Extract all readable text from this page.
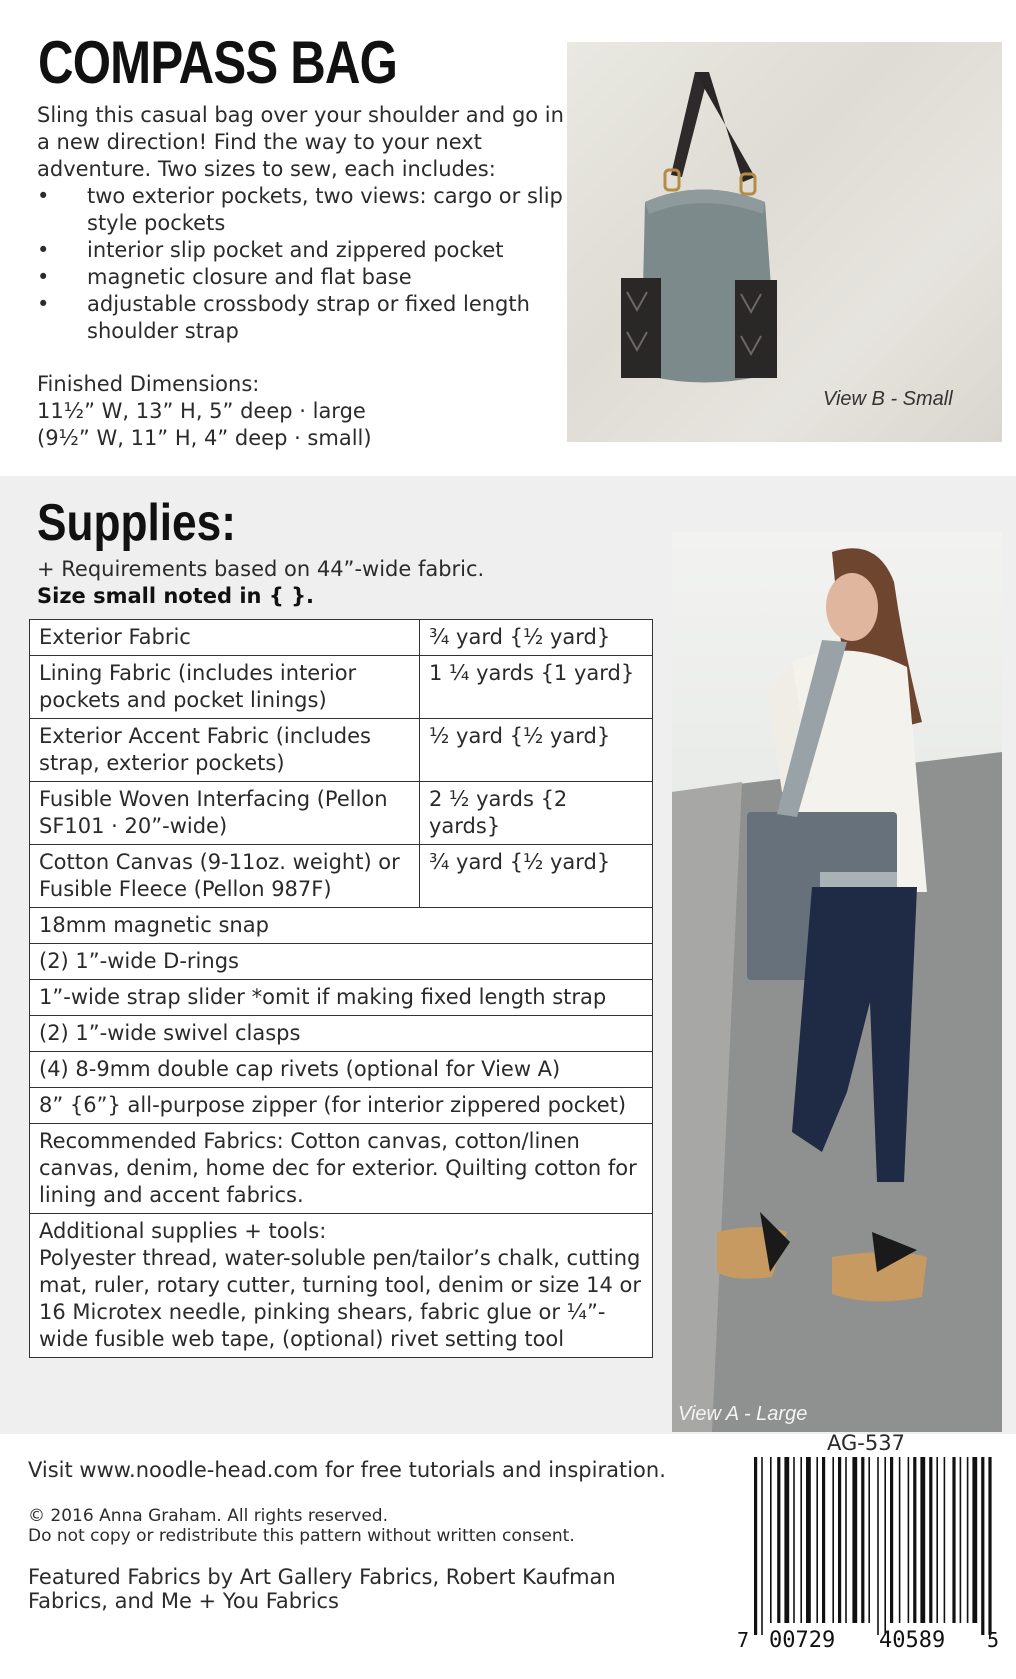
COMPASS BAG
Sling this casual bag over your shoulder and go in a new direction! Find the way to your next adventure. Two sizes to sew, each includes:
• two exterior pockets, two views: cargo or slip style pockets
• interior slip pocket and zippered pocket
• magnetic closure and flat base
• adjustable crossbody strap or fixed length shoulder strap
Finished Dimensions:
11½” W, 13” H, 5” deep · large
(9½” W, 11” H, 4” deep · small)
View B - Small
Supplies:
+ Requirements based on 44”-wide fabric.
Size small noted in { }.
Exterior Fabric	¾ yard {½ yard}
Lining Fabric (includes interior pockets and pocket linings)	1 ¼ yards {1 yard}
Exterior Accent Fabric (includes strap, exterior pockets)	½ yard {½ yard}
Fusible Woven Interfacing (Pellon SF101 · 20”-wide)	2 ½ yards {2 yards}
Cotton Canvas (9-11oz. weight) or Fusible Fleece (Pellon 987F)	¾ yard {½ yard}
18mm magnetic snap	
(2) 1”-wide D-rings	
1”-wide strap slider *omit if making fixed length strap	
(2) 1”-wide swivel clasps	
(4) 8-9mm double cap rivets (optional for View A)	
8” {6”} all-purpose zipper (for interior zippered pocket)	
Recommended Fabrics: Cotton canvas, cotton/linen canvas, denim, home dec for exterior. Quilting cotton for lining and accent fabrics.	

Additional supplies + tools:
Polyester thread, water-soluble pen/tailor’s chalk, cutting mat, ruler, rotary cutter, turning tool, denim or size 14 or 16 Microtex needle, pinking shears, fabric glue or ¼”-wide fusible web tape, (optional) rivet setting tool	
View A - Large
Visit www.noodle-head.com for free tutorials and inspiration.
© 2016 Anna Graham. All rights reserved.
Do not copy or redistribute this pattern without written consent.
Featured Fabrics by Art Gallery Fabrics, Robert Kaufman Fabrics, and Me + You Fabrics
AG-537
7 00729 40589 5
